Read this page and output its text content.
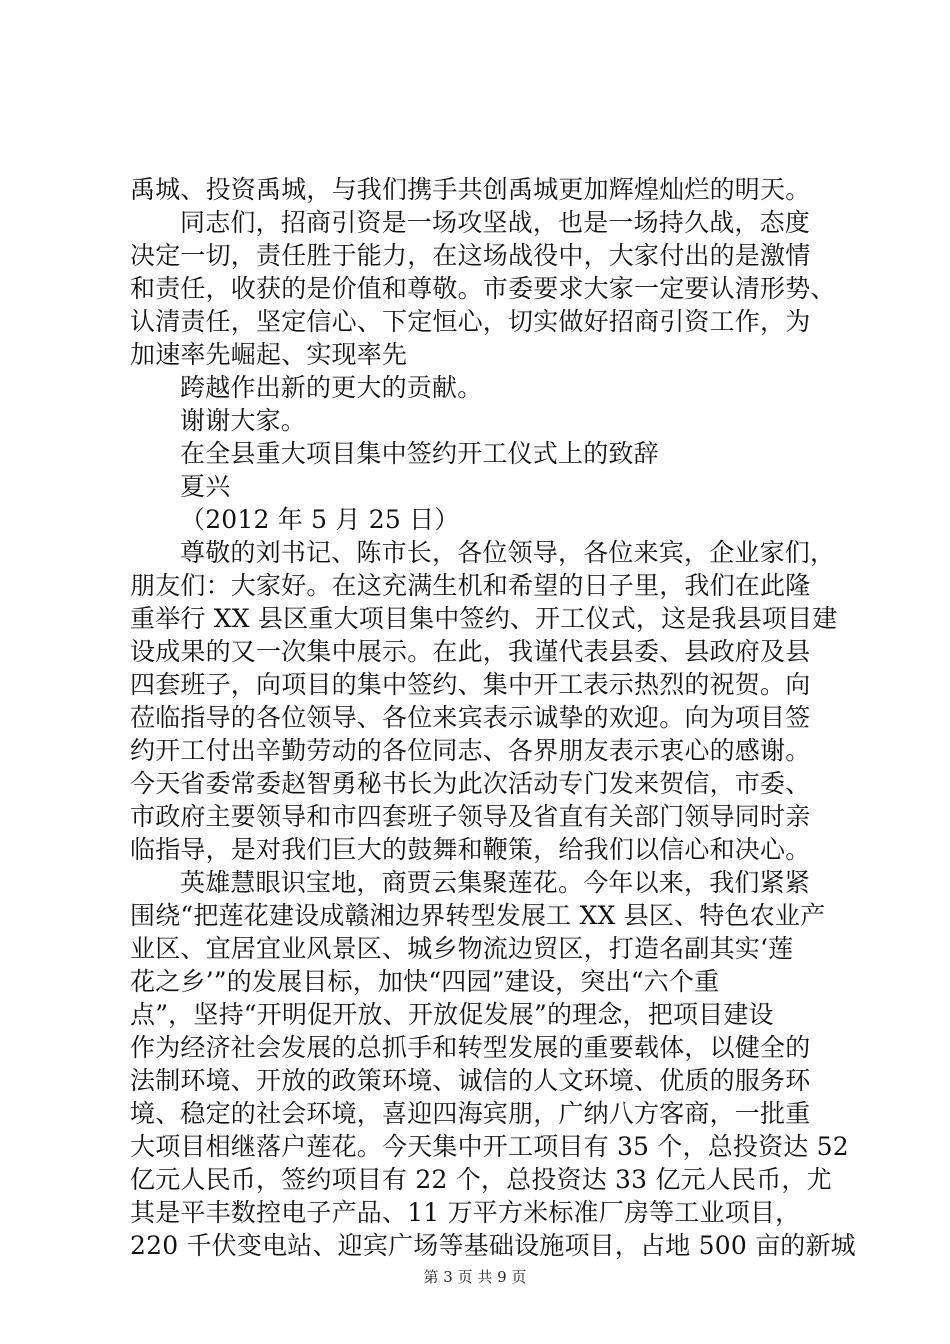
禹城、投资禹城，与我们携手共创禹城更加辉煌灿烂的明天。
同志们，招商引资是一场攻坚战，也是一场持久战，态度
决定一切，责任胜于能力，在这场战役中，大家付出的是激情
和责任，收获的是价值和尊敬。市委要求大家一定要认清形势、
认清责任，坚定信心、下定恒心，切实做好招商引资工作，为
加速率先崛起、实现率先
跨越作出新的更大的贡献。
谢谢大家。
在全县重大项目集中签约开工仪式上的致辞
夏兴
（2012 年 5 月 25 日）
尊敬的刘书记、陈市长，各位领导，各位来宾，企业家们，
朋友们：大家好。在这充满生机和希望的日子里，我们在此隆
重举行 XX 县区重大项目集中签约、开工仪式，这是我县项目建
设成果的又一次集中展示。在此，我谨代表县委、县政府及县
四套班子，向项目的集中签约、集中开工表示热烈的祝贺。向
莅临指导的各位领导、各位来宾表示诚挚的欢迎。向为项目签
约开工付出辛勤劳动的各位同志、各界朋友表示衷心的感谢。
今天省委常委赵智勇秘书长为此次活动专门发来贺信，市委、
市政府主要领导和市四套班子领导及省直有关部门领导同时亲
临指导，是对我们巨大的鼓舞和鞭策，给我们以信心和决心。
英雄慧眼识宝地，商贾云集聚莲花。今年以来，我们紧紧
围绕“把莲花建设成赣湘边界转型发展工 XX 县区、特色农业产
业区、宜居宜业风景区、城乡物流边贸区，打造名副其实‘莲
花之乡’”的发展目标，加快“四园”建设，突出“六个重
点”，坚持“开明促开放、开放促发展”的理念，把项目建设
作为经济社会发展的总抓手和转型发展的重要载体，以健全的
法制环境、开放的政策环境、诚信的人文环境、优质的服务环
境、稳定的社会环境，喜迎四海宾朋，广纳八方客商，一批重
大项目相继落户莲花。今天集中开工项目有 35 个，总投资达 52
亿元人民币，签约项目有 22 个，总投资达 33 亿元人民币，尤
其是平丰数控电子产品、11 万平方米标准厂房等工业项目，
220 千伏变电站、迎宾广场等基础设施项目，占地 500 亩的新城
第 3 页 共 9 页
